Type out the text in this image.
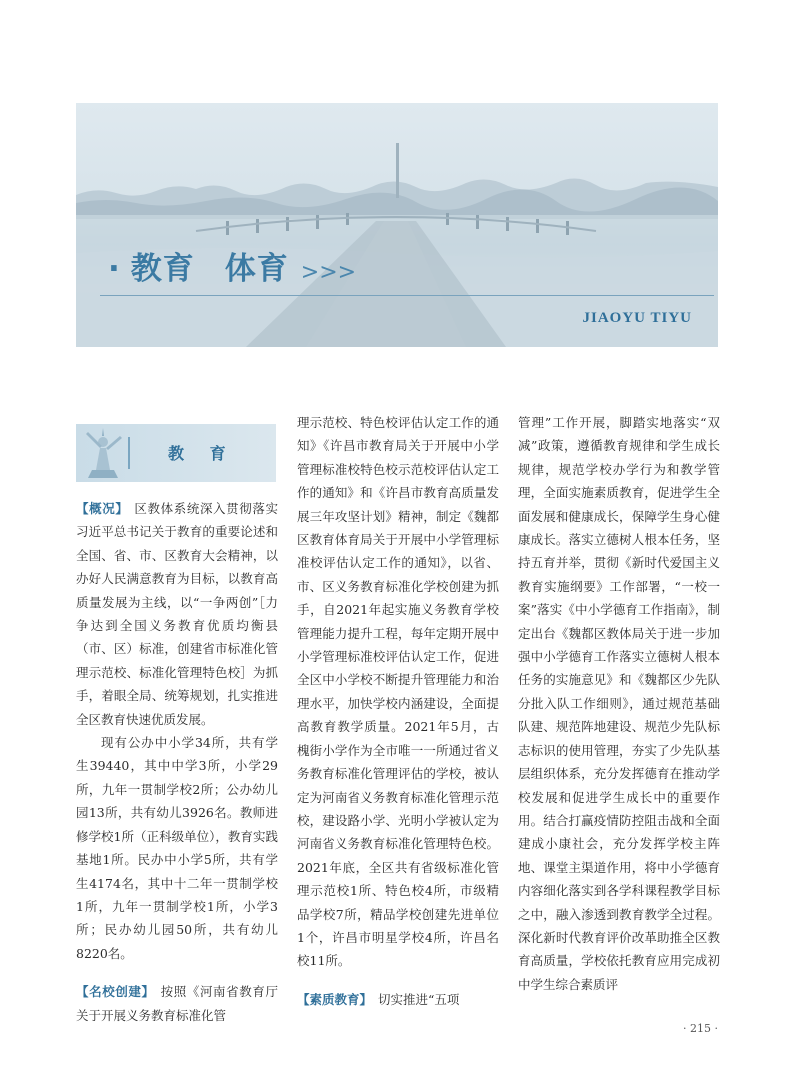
· 教育 体育 >>>
JIAOYU TIYU
教 育

【概况】 区教体系统深入贯彻落实习近平总书记关于教育的重要论述和全国、省、市、区教育大会精神，以办好人民满意教育为目标，以教育高质量发展为主线，以“一争两创”［力争达到全国义务教育优质均衡县（市、区）标准，创建省市标准化管理示范校、标准化管理特色校］为抓手，着眼全局、统筹规划，扎实推进全区教育快速优质发展。

现有公办中小学34所，共有学生39440，其中中学3所，小学29所，九年一贯制学校2所；公办幼儿园13所，共有幼儿3926名。教师进修学校1所（正科级单位），教育实践基地1所。民办中小学5所，共有学生4174名，其中十二年一贯制学校1所，九年一贯制学校1所，小学3所；民办幼儿园50所，共有幼儿8220名。

【名校创建】 按照《河南省教育厅关于开展义务教育标准化管

理示范校、特色校评估认定工作的通知》《许昌市教育局关于开展中小学管理标准校特色校示范校评估认定工作的通知》和《许昌市教育高质量发展三年攻坚计划》精神，制定《魏都区教育体育局关于开展中小学管理标准校评估认定工作的通知》，以省、市、区义务教育标准化学校创建为抓手，自2021年起实施义务教育学校管理能力提升工程，每年定期开展中小学管理标准校评估认定工作，促进全区中小学校不断提升管理能力和治理水平，加快学校内涵建设，全面提高教育教学质量。2021年5月，古槐街小学作为全市唯一一所通过省义务教育标准化管理评估的学校，被认定为河南省义务教育标准化管理示范校，建设路小学、光明小学被认定为河南省义务教育标准化管理特色校。2021年底，全区共有省级标准化管理示范校1所、特色校4所，市级精品学校7所，精品学校创建先进单位1个，许昌市明星学校4所，许昌名校11所。

【素质教育】 切实推进“五项

管理”工作开展，脚踏实地落实“双减”政策，遵循教育规律和学生成长规律，规范学校办学行为和教学管理，全面实施素质教育，促进学生全面发展和健康成长，保障学生身心健康成长。落实立德树人根本任务，坚持五育并举，贯彻《新时代爱国主义教育实施纲要》工作部署，“一校一案”落实《中小学德育工作指南》，制定出台《魏都区教体局关于进一步加强中小学德育工作落实立德树人根本任务的实施意见》和《魏都区少先队分批入队工作细则》，通过规范基础队建、规范阵地建设、规范少先队标志标识的使用管理，夯实了少先队基层组织体系，充分发挥德育在推动学校发展和促进学生成长中的重要作用。结合打赢疫情防控阻击战和全面建成小康社会，充分发挥学校主阵地、课堂主渠道作用，将中小学德育内容细化落实到各学科课程教学目标之中，融入渗透到教育教学全过程。深化新时代教育评价改革助推全区教育高质量，学校依托教育应用完成初中学生综合素质评

· 215 ·
